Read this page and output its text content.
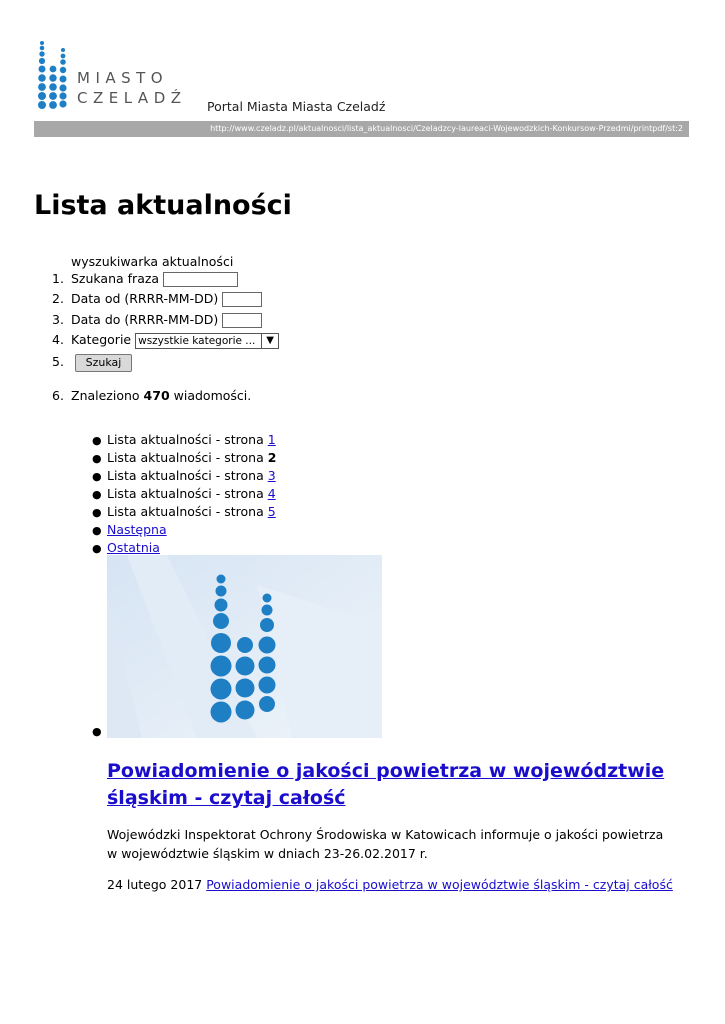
MIASTO
CZELADŹ Portal Miasta Miasta Czeladź
http://www.czeladz.pl/aktualnosci/lista_aktualnosci/Czeladzcy-laureaci-Wojewodzkich-Konkursow-Przedmi/printpdf/st:2
Lista aktualności
wyszukiwarka aktualności
1. Szukana fraza
2. Data od (RRRR-MM-DD)
3. Data do (RRRR-MM-DD)
4. Kategorie wszystkie kategorie ...	▼
5. Szukaj
6. Znaleziono 470 wiadomości.
● Lista aktualności - strona 1
● Lista aktualności - strona 2
● Lista aktualności - strona 3
● Lista aktualności - strona 4
● Lista aktualności - strona 5
● Następna
● Ostatnia
●
Powiadomienie o jakości powietrza w województwie śląskim - czytaj całość
Wojewódzki Inspektorat Ochrony Środowiska w Katowicach informuje o jakości powietrza w województwie śląskim w dniach 23-26.02.2017 r.
24 lutego 2017 Powiadomienie o jakości powietrza w województwie śląskim - czytaj całość
